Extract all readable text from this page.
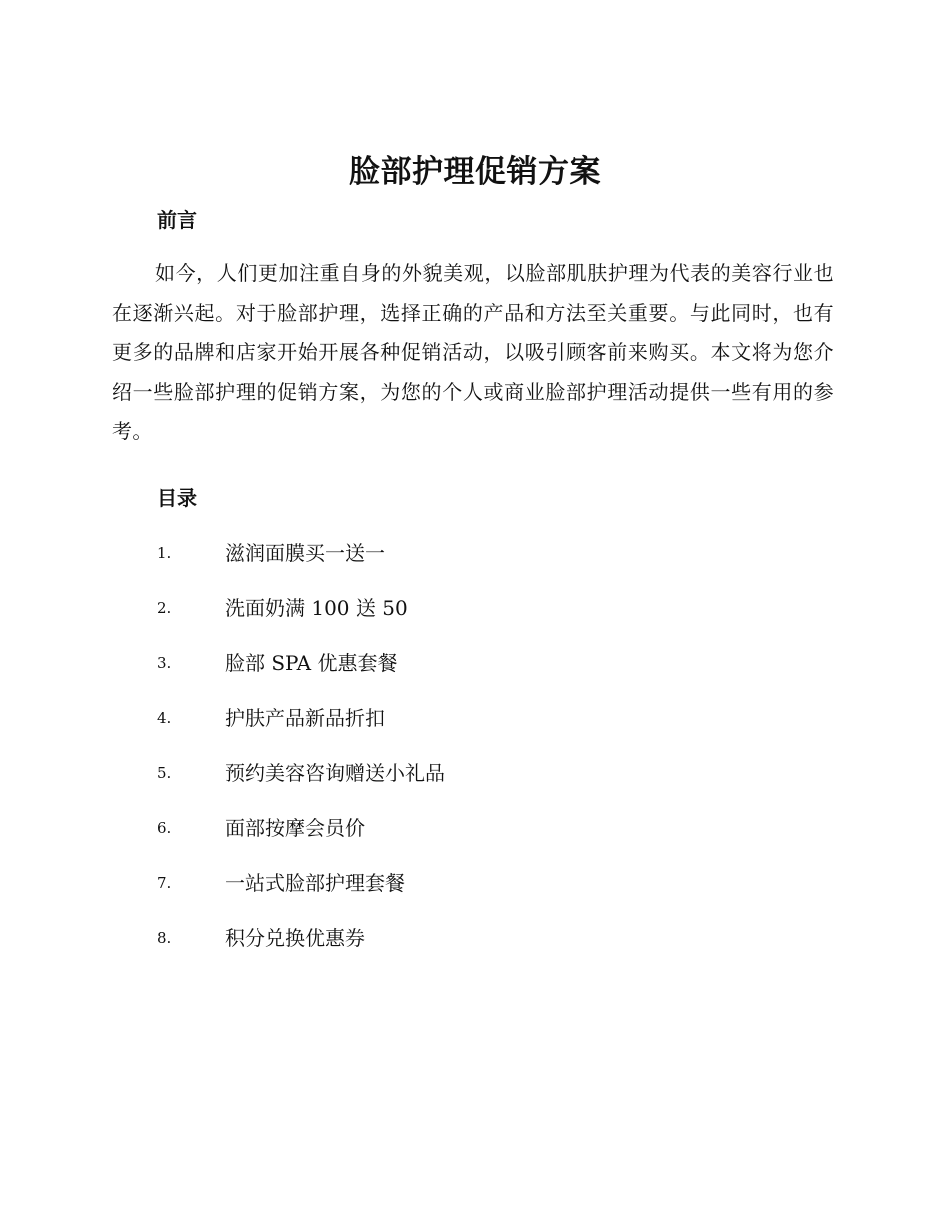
脸部护理促销方案
前言

如今，人们更加注重自身的外貌美观，以脸部肌肤护理为代表的美容行业也在逐渐兴起。对于脸部护理，选择正确的产品和方法至关重要。与此同时，也有更多的品牌和店家开始开展各种促销活动，以吸引顾客前来购买。本文将为您介绍一些脸部护理的促销方案，为您的个人或商业脸部护理活动提供一些有用的参考。

目录
1.	滋润面膜买一送一
2.	洗面奶满 100 送 50
3.	脸部 SPA 优惠套餐
4.	护肤产品新品折扣
5.	预约美容咨询赠送小礼品
6.	面部按摩会员价
7.	一站式脸部护理套餐
8.	积分兑换优惠券
